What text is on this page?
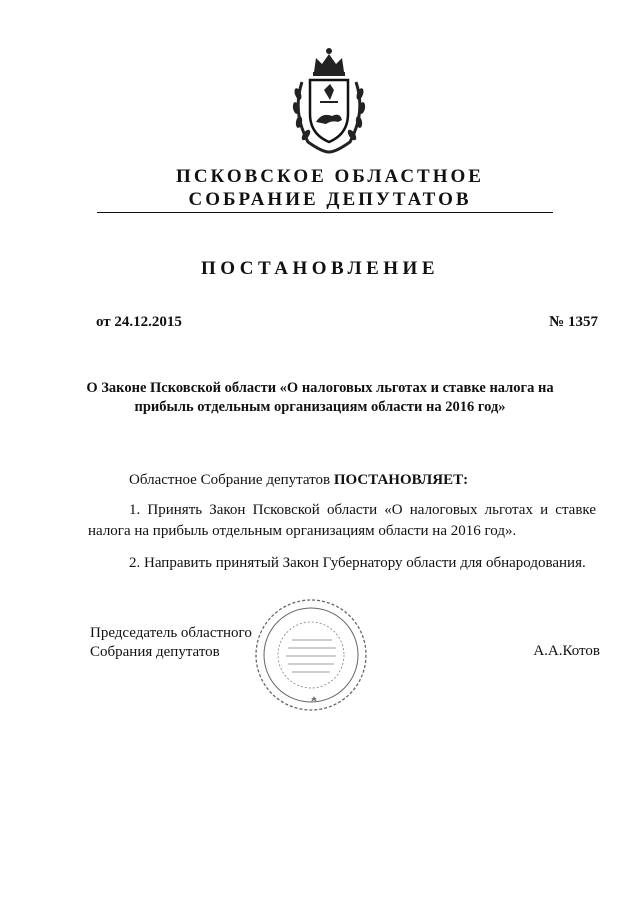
ПСКОВСКОЕ ОБЛАСТНОЕ
СОБРАНИЕ ДЕПУТАТОВ
ПОСТАНОВЛЕНИЕ
от 24.12.2015	№ 1357
О Законе Псковской области «О налоговых льготах и ставке налога на прибыль отдельным организациям области на 2016 год»
Областное Собрание депутатов ПОСТАНОВЛЯЕТ:
1. Принять Закон Псковской области «О налоговых льготах и ставке налога на прибыль отдельным организациям области на 2016 год».
2. Направить принятый Закон Губернатору области для обнародования.
Председатель областного
Собрания депутатов	А.А.Котов
